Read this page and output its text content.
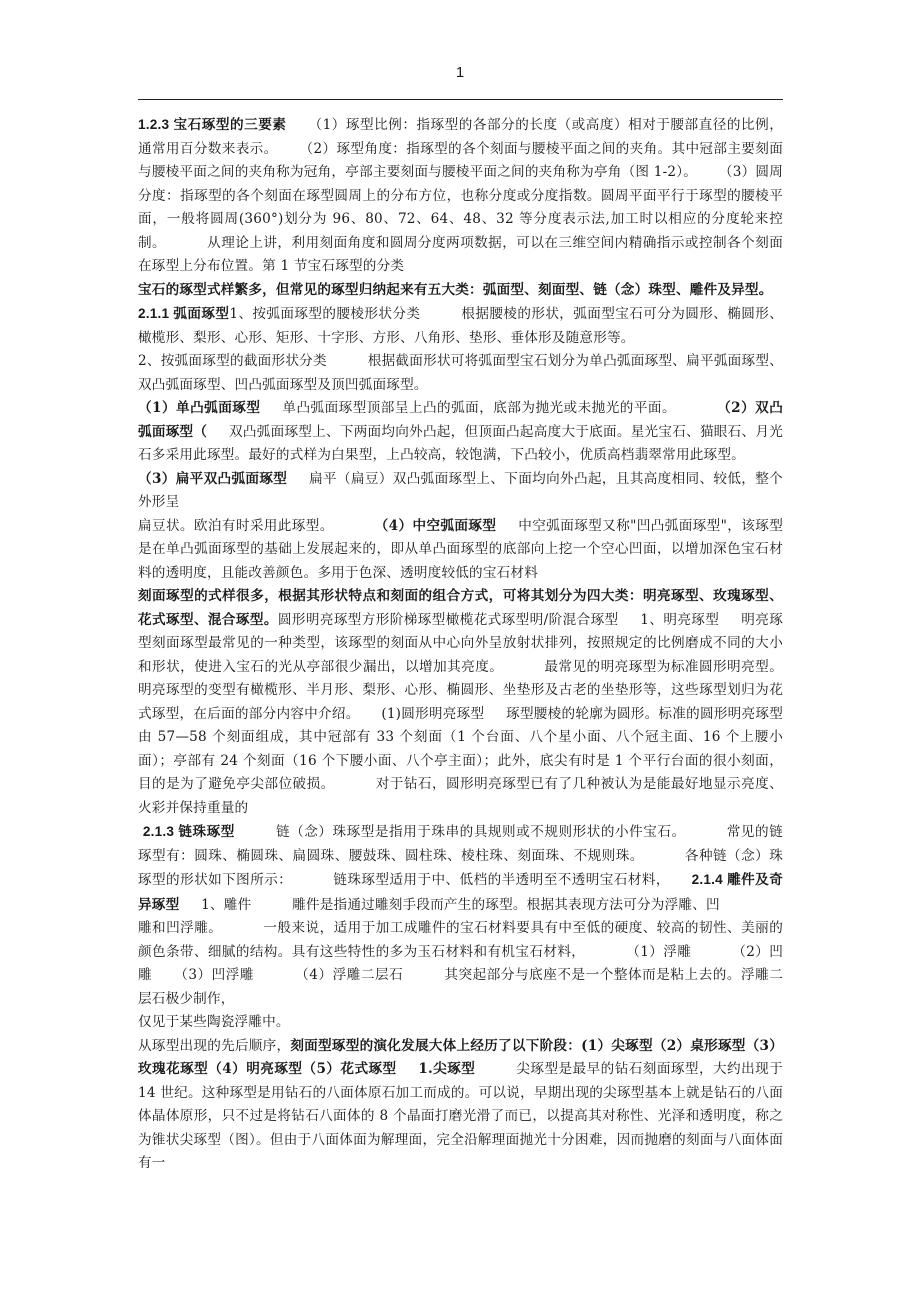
1

1.2.3 宝石琢型的三要素 （1）琢型比例：指琢型的各部分的长度（或高度）相对于腰部直径的比例，通常用百分数来表示。 （2）琢型角度：指琢型的各个刻面与腰棱平面之间的夹角。其中冠部主要刻面与腰棱平面之间的夹角称为冠角，亭部主要刻面与腰棱平面之间的夹角称为亭角（图 1-2）。 （3）圆周分度：指琢型的各个刻面在琢型圆周上的分布方位，也称分度或分度指数。圆周平面平行于琢型的腰棱平面，一般将圆周(360°)划分为 96、80、72、64、48、32 等分度表示法,加工时以相应的分度轮来控制。	从理论上讲，利用刻面角度和圆周分度两项数据，可以在三维空间内精确指示或控制各个刻面在琢型上分布位置。第 1 节宝石琢型的分类

宝石的琢型式样繁多，但常见的琢型归纳起来有五大类：弧面型、刻面型、链（念）珠型、雕件及异型。

2.1.1 弧面琢型1、按弧面琢型的腰棱形状分类	根据腰棱的形状，弧面型宝石可分为圆形、椭圆形、橄榄形、梨形、心形、矩形、十字形、方形、八角形、垫形、垂体形及随意形等。

2、按弧面琢型的截面形状分类	根据截面形状可将弧面型宝石划分为单凸弧面琢型、扁平弧面琢型、双凸弧面琢型、凹凸弧面琢型及顶凹弧面琢型。

（1）单凸弧面琢型 单凸弧面琢型顶部呈上凸的弧面，底部为抛光或未抛光的平面。	（2）双凸弧面琢型（ 双凸弧面琢型上、下两面均向外凸起，但顶面凸起高度大于底面。星光宝石、猫眼石、月光石多采用此琢型。最好的式样为白果型，上凸较高，较饱满，下凸较小，优质高档翡翠常用此琢型。
（3）扁平双凸弧面琢型 扁平（扁豆）双凸弧面琢型上、下面均向外凸起，且其高度相同、较低，整个外形呈

扁豆状。欧泊有时采用此琢型。	（4）中空弧面琢型 中空弧面琢型又称"凹凸弧面琢型"，该琢型是在单凸弧面琢型的基础上发展起来的，即从单凸面琢型的底部向上挖一个空心凹面，以增加深色宝石材料的透明度，且能改善颜色。多用于色深、透明度较低的宝石材料

刻面琢型的式样很多，根据其形状特点和刻面的组合方式，可将其划分为四大类：明亮琢型、玫瑰琢型、花式琢型、混合琢型。圆形明亮琢型方形阶梯琢型橄榄花式琢型明/阶混合琢型 1、明亮琢型 明亮琢型刻面琢型最常见的一种类型，该琢型的刻面从中心向外呈放射状排列，按照规定的比例磨成不同的大小和形状，使进入宝石的光从亭部很少漏出，以增加其亮度。	最常见的明亮琢型为标准圆形明亮型。明亮琢型的变型有橄榄形、半月形、梨形、心形、椭圆形、坐垫形及古老的坐垫形等，这些琢型划归为花式琢型，在后面的部分内容中介绍。 (1)圆形明亮琢型 琢型腰棱的轮廓为圆形。标准的圆形明亮琢型由 57—58 个刻面组成，其中冠部有 33 个刻面（1 个台面、八个星小面、八个冠主面、16 个上腰小面）；亭部有 24 个刻面（16 个下腰小面、八个亭主面）；此外，底尖有时是 1 个平行台面的很小刻面，目的是为了避免亭尖部位破损。	对于钻石，圆形明亮琢型已有了几种被认为是能最好地显示亮度、火彩并保持重量的

2.1.3 链珠琢型	链（念）珠琢型是指用于珠串的具规则或不规则形状的小件宝石。	常见的链琢型有：圆珠、椭圆珠、扁圆珠、腰鼓珠、圆柱珠、棱柱珠、刻面珠、不规则珠。	各种链（念）珠琢型的形状如下图所示：	链珠琢型适用于中、低档的半透明至不透明宝石材料， 2.1.4 雕件及奇异琢型 1、雕件	雕件是指通过雕刻手段而产生的琢型。根据其表现方法可分为浮雕、凹

雕和凹浮雕。	一般来说，适用于加工成雕件的宝石材料要具有中至低的硬度、较高的韧性、美丽的颜色条带、细腻的结构。具有这些特性的多为玉石材料和有机宝石材料，	（1）浮雕	（2）凹雕 （3）凹浮雕	（4）浮雕二层石	其突起部分与底座不是一个整体而是粘上去的。浮雕二层石极少制作，

仅见于某些陶瓷浮雕中。

从琢型出现的先后顺序，刻面型琢型的演化发展大体上经历了以下阶段：(1）尖琢型（2）桌形琢型（3）玫瑰花琢型（4）明亮琢型（5）花式琢型 1.尖琢型	尖琢型是最早的钻石刻面琢型，大约出现于 14 世纪。这种琢型是用钻石的八面体原石加工而成的。可以说，早期出现的尖琢型基本上就是钻石的八面体晶体原形，只不过是将钻石八面体的 8 个晶面打磨光滑了而已，以提高其对称性、光泽和透明度，称之为锥状尖琢型（图）。但由于八面体面为解理面，完全沿解理面抛光十分困难，因而抛磨的刻面与八面体面有一
